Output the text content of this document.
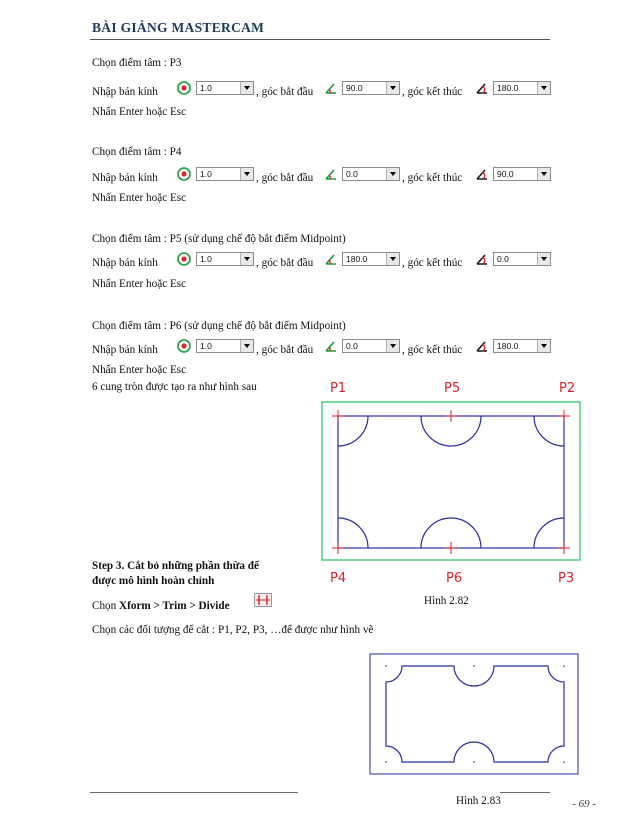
BÀI GIẢNG MASTERCAM
Chọn điểm tâm : P3
Nhập bán kính	1.0	, góc bắt đầu	90.0	, góc kết thúc	180.0
Nhấn Enter hoặc Esc
Chọn điểm tâm : P4
Nhập bán kính	1.0	, góc bắt đầu	0.0	, góc kết thúc	90.0
Nhấn Enter hoặc Esc
Chọn điểm tâm : P5 (sử dụng chế độ bắt điểm Midpoint)
Nhập bán kính	1.0	, góc bắt đầu	180.0	, góc kết thúc	0.0
Nhấn Enter hoặc Esc
Chọn điểm tâm : P6 (sử dụng chế độ bắt điểm Midpoint)
Nhập bán kính	1.0	, góc bắt đầu	0.0	, góc kết thúc	180.0
Nhấn Enter hoặc Esc
6 cung tròn được tạo ra như hình sau	P1	P5	P2
P4	P6	P3
Step 3. Cắt bỏ những phần thừa để
được mô hình hoàn chỉnh
Hình 2.82
Chọn Xform > Trim > Divide
Chọn các đối tượng để cắt : P1, P2, P3, …để được như hình vẽ
Hình 2.83	- 69 -
